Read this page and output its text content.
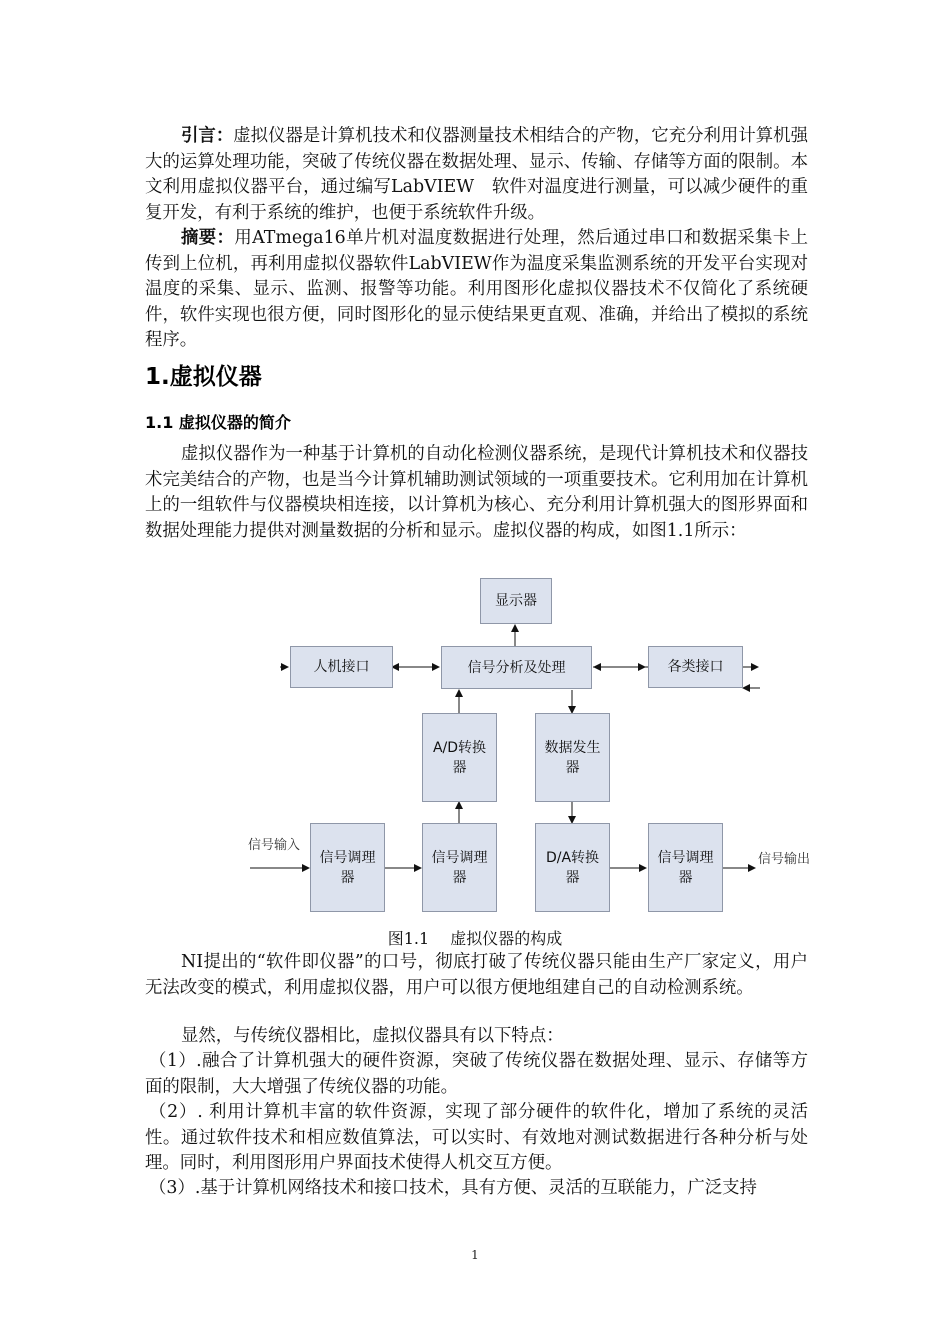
引言：虚拟仪器是计算机技术和仪器测量技术相结合的产物，它充分利用计算机强大的运算处理功能，突破了传统仪器在数据处理、显示、传输、存储等方面的限制。本文利用虚拟仪器平台，通过编写LabVIEW　软件对温度进行测量，可以减少硬件的重复开发，有利于系统的维护，也便于系统软件升级。

摘要：用ATmega16单片机对温度数据进行处理，然后通过串口和数据采集卡上传到上位机，再利用虚拟仪器软件LabVIEW作为温度采集监测系统的开发平台实现对温度的采集、显示、监测、报警等功能。利用图形化虚拟仪器技术不仅简化了系统硬件，软件实现也很方便，同时图形化的显示使结果更直观、准确，并给出了模拟的系统程序。

1.虚拟仪器
1.1 虚拟仪器的简介

虚拟仪器作为一种基于计算机的自动化检测仪器系统，是现代计算机技术和仪器技术完美结合的产物，也是当今计算机辅助测试领域的一项重要技术。它利用加在计算机上的一组软件与仪器模块相连接，以计算机为核心、充分利用计算机强大的图形界面和数据处理能力提供对测量数据的分析和显示。虚拟仪器的构成，如图1.1所示：

显示器
人机接口	信号分析及处理	各类接口
A/D转换器
数据发生器
信号调理器
信号调理器
D/A转换器
信号调理器
信号输入
信号输出
图1.1　 虚拟仪器的构成

NI提出的“软件即仪器”的口号，彻底打破了传统仪器只能由生产厂家定义，用户无法改变的模式，利用虚拟仪器，用户可以很方便地组建自己的自动检测系统。

显然，与传统仪器相比，虚拟仪器具有以下特点：

（1）.融合了计算机强大的硬件资源，突破了传统仪器在数据处理、显示、存储等方面的限制，大大增强了传统仪器的功能。

（2）. 利用计算机丰富的软件资源，实现了部分硬件的软件化，增加了系统的灵活性。通过软件技术和相应数值算法，可以实时、有效地对测试数据进行各种分析与处理。同时，利用图形用户界面技术使得人机交互方便。

（3）.基于计算机网络技术和接口技术，具有方便、灵活的互联能力，广泛支持

1
